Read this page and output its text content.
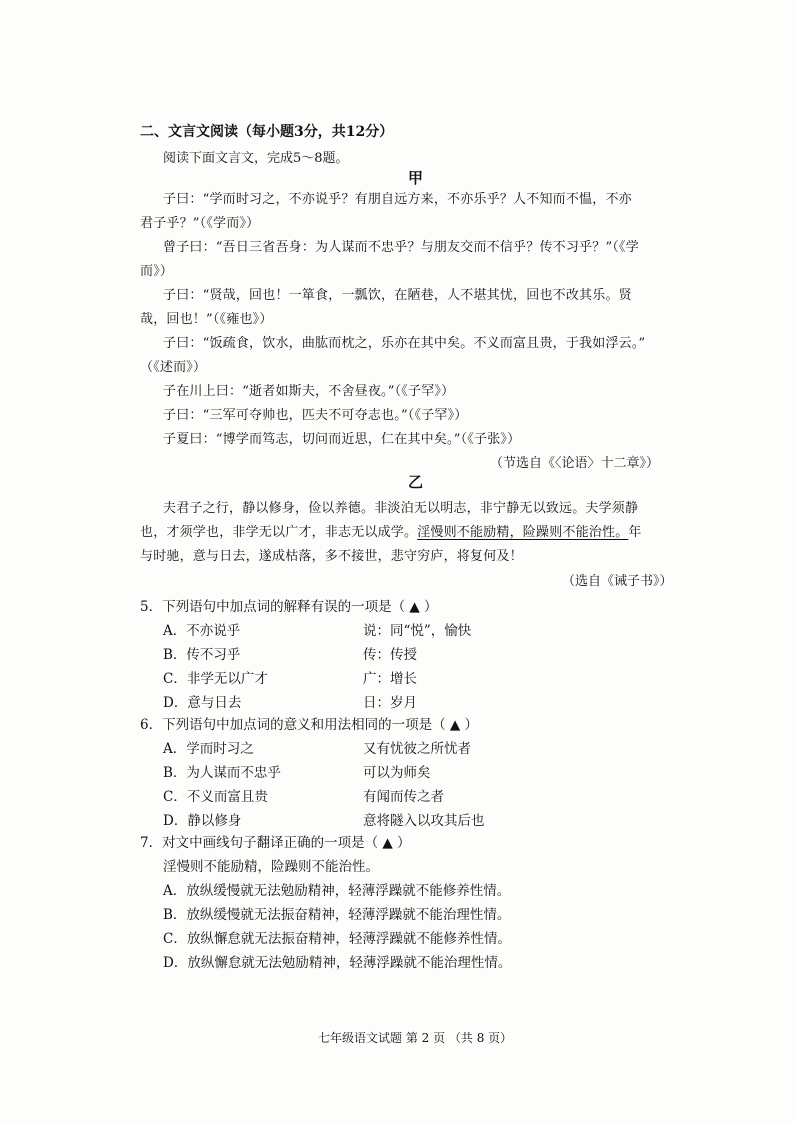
二、文言文阅读（每小题3分，共12分）
阅读下面文言文，完成5～8题。
甲
子曰：“学而时习之，不亦说乎？有朋自远方来，不亦乐乎？人不知而不愠，不亦
君子乎？”（《学而》）
曾子曰：“吾日三省吾身：为人谋而不忠乎？与朋友交而不信乎？传不习乎？”（《学
而》）
子曰：“贤哉，回也！一箪食，一瓢饮，在陋巷，人不堪其忧，回也不改其乐。贤
哉，回也！”（《雍也》）
子曰：“饭疏食，饮水，曲肱而枕之，乐亦在其中矣。不义而富且贵，于我如浮云。”
（《述而》）
子在川上曰：“逝者如斯夫，不舍昼夜。”（《子罕》）
子曰：“三军可夺帅也，匹夫不可夺志也。”（《子罕》）
子夏曰：“博学而笃志，切问而近思，仁在其中矣。”（《子张》）
（节选自《〈论语〉十二章》）
乙
夫君子之行，静以修身，俭以养德。非淡泊无以明志，非宁静无以致远。夫学须静
也，才须学也，非学无以广才，非志无以成学。淫慢则不能励精，险躁则不能治性。年
与时驰，意与日去，遂成枯落，多不接世，悲守穷庐，将复何及！
（选自《诫子书》）
5．下列语句中加点词的解释有误的一项是（ ▲ ）
A．不亦说乎	说：同“悦”，愉快
B．传不习乎	传：传授
C．非学无以广才	广：增长
D．意与日去	日：岁月
6．下列语句中加点词的意义和用法相同的一项是（ ▲ ）
A．学而时习之	又有忧彼之所忧者
B．为人谋而不忠乎	可以为师矣
C．不义而富且贵	有闻而传之者
D．静以修身	意将隧入以攻其后也
7．对文中画线句子翻译正确的一项是（ ▲ ）
淫慢则不能励精，险躁则不能治性。
A．放纵缓慢就无法勉励精神，轻薄浮躁就不能修养性情。
B．放纵缓慢就无法振奋精神，轻薄浮躁就不能治理性情。
C．放纵懈怠就无法振奋精神，轻薄浮躁就不能修养性情。
D．放纵懈怠就无法勉励精神，轻薄浮躁就不能治理性情。
七年级语文试题 第 2 页 （共 8 页）
